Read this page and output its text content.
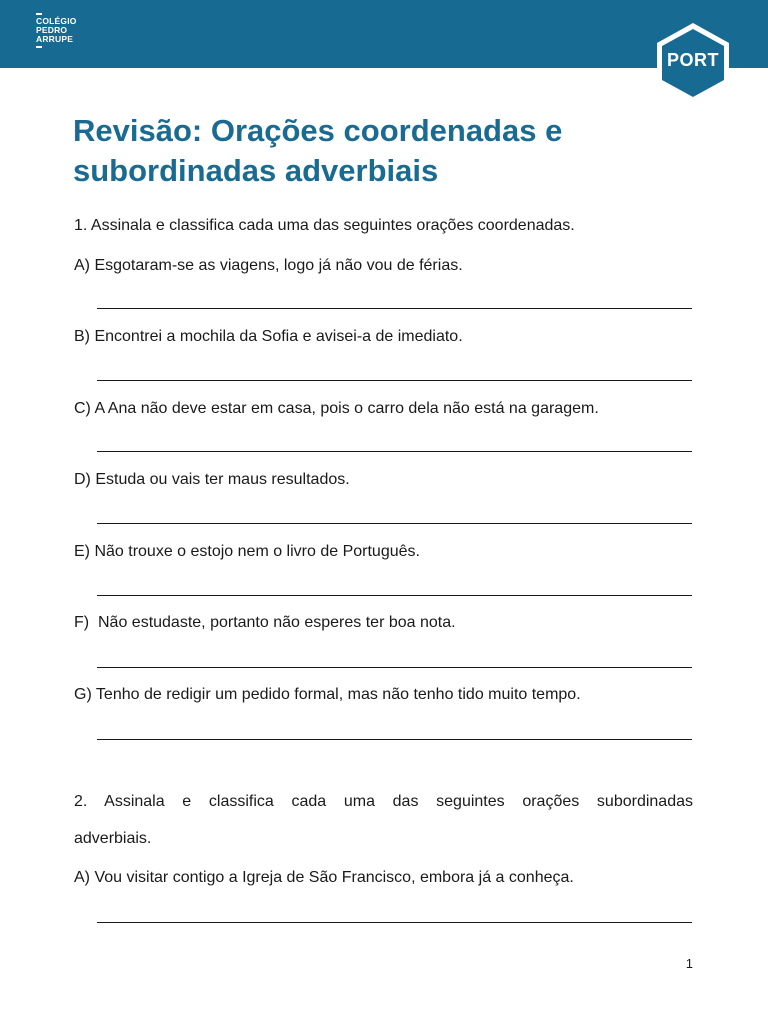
COLÉGIO
PEDRO
ARRUPE
PORT
Revisão: Orações coordenadas e subordinadas adverbiais
1. Assinala e classifica cada uma das seguintes orações coordenadas.
A) Esgotaram-se as viagens, logo já não vou de férias.
B) Encontrei a mochila da Sofia e avisei-a de imediato.
C) A Ana não deve estar em casa, pois o carro dela não está na garagem.
D) Estuda ou vais ter maus resultados.
E) Não trouxe o estojo nem o livro de Português.
F)  Não estudaste, portanto não esperes ter boa nota.
G) Tenho de redigir um pedido formal, mas não tenho tido muito tempo.
2. Assinala e classifica cada uma das seguintes orações subordinadas
adverbiais.
A) Vou visitar contigo a Igreja de São Francisco, embora já a conheça.
1
